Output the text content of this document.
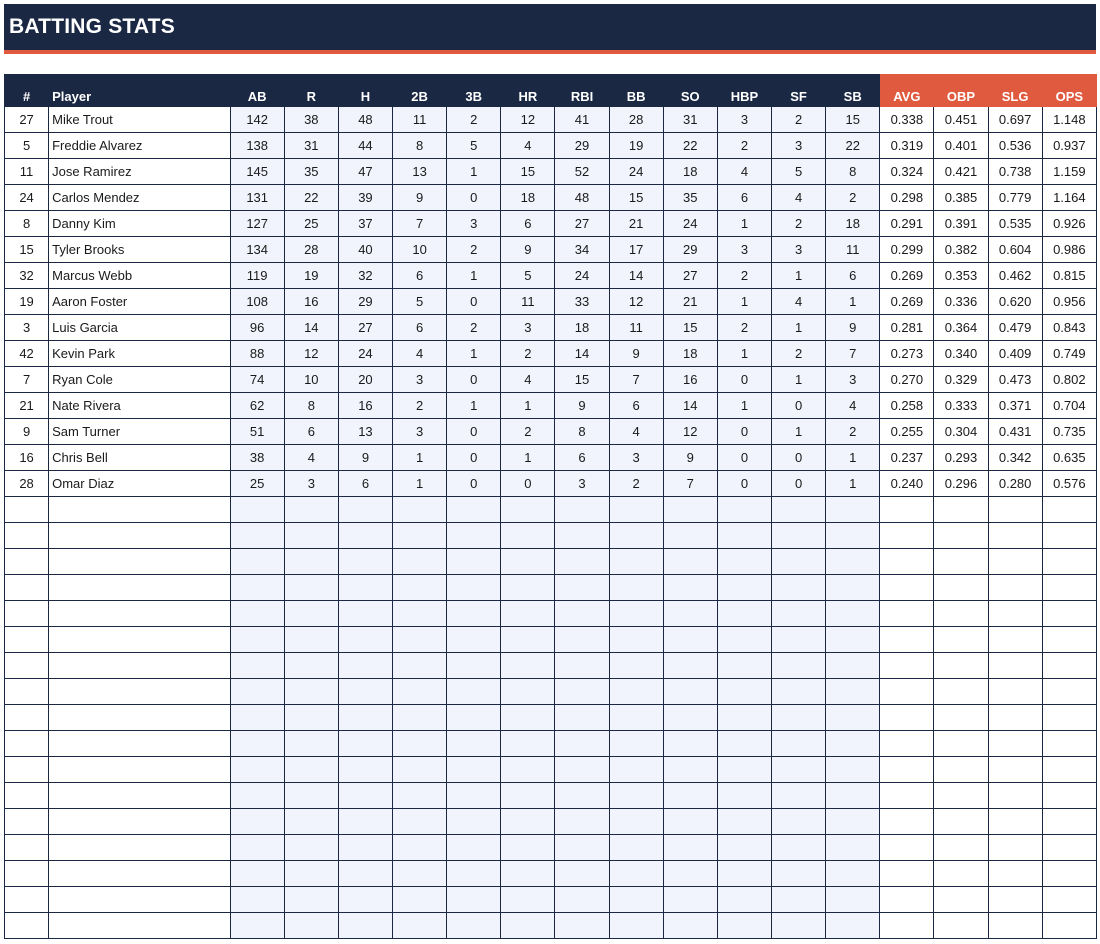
BATTING STATS
#	Player	AB	R	H	2B	3B	HR	RBI	BB	SO	HBP	SF	SB	AVG	OBP	SLG	OPS
27	Mike Trout	142	38	48	11	2	12	41	28	31	3	2	15	0.338	0.451	0.697	1.148
5	Freddie Alvarez	138	31	44	8	5	4	29	19	22	2	3	22	0.319	0.401	0.536	0.937
11	Jose Ramirez	145	35	47	13	1	15	52	24	18	4	5	8	0.324	0.421	0.738	1.159
24	Carlos Mendez	131	22	39	9	0	18	48	15	35	6	4	2	0.298	0.385	0.779	1.164
8	Danny Kim	127	25	37	7	3	6	27	21	24	1	2	18	0.291	0.391	0.535	0.926
15	Tyler Brooks	134	28	40	10	2	9	34	17	29	3	3	11	0.299	0.382	0.604	0.986
32	Marcus Webb	119	19	32	6	1	5	24	14	27	2	1	6	0.269	0.353	0.462	0.815
19	Aaron Foster	108	16	29	5	0	11	33	12	21	1	4	1	0.269	0.336	0.620	0.956
3	Luis Garcia	96	14	27	6	2	3	18	11	15	2	1	9	0.281	0.364	0.479	0.843
42	Kevin Park	88	12	24	4	1	2	14	9	18	1	2	7	0.273	0.340	0.409	0.749
7	Ryan Cole	74	10	20	3	0	4	15	7	16	0	1	3	0.270	0.329	0.473	0.802
21	Nate Rivera	62	8	16	2	1	1	9	6	14	1	0	4	0.258	0.333	0.371	0.704
9	Sam Turner	51	6	13	3	0	2	8	4	12	0	1	2	0.255	0.304	0.431	0.735
16	Chris Bell	38	4	9	1	0	1	6	3	9	0	0	1	0.237	0.293	0.342	0.635
28	Omar Diaz	25	3	6	1	0	0	3	2	7	0	0	1	0.240	0.296	0.280	0.576
